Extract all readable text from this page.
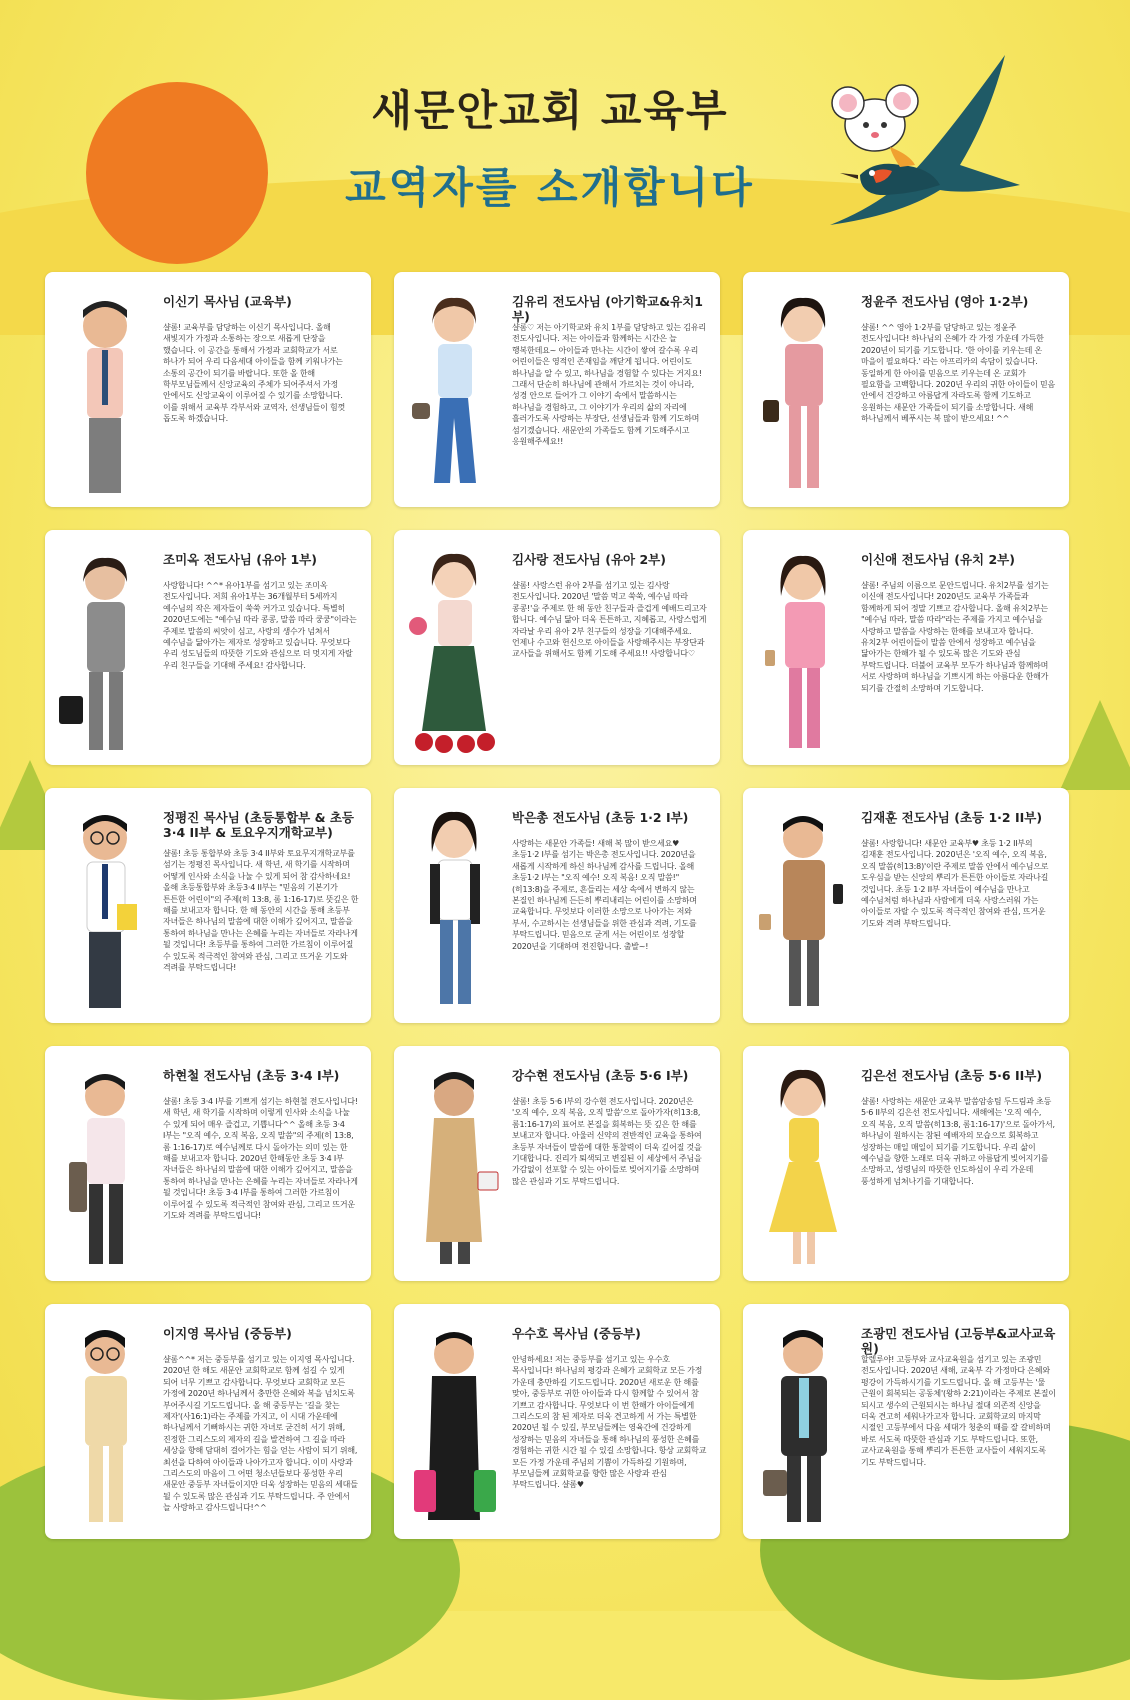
새문안교회 교육부
교역자를 소개합니다
이신기 목사님 (교육부)
샬롬! 교육부를 담당하는 이신기 목사입니다. 올해 새빛지가 가정과 소통하는 장으로 새롭게 단장을 했습니다. 이 공간을 통해서 가정과 교회학교가 서로 하나가 되어 우리 다음세대 아이들을 함께 키워나가는 소통의 공간이 되기를 바랍니다. 또한 올 한해 학부모님들께서 신앙교육의 주체가 되어주셔서 가정 안에서도 신앙교육이 이루어질 수 있기를 소망합니다. 이를 위해서 교육부 각부서와 교역자, 선생님들이 힘껏 돕도록 하겠습니다.
김유리 전도사님 (아기학교&유치1부)
샬롬♡ 저는 아기학교와 유치 1부를 담당하고 있는 김유리 전도사입니다. 저는 아이들과 함께하는 시간은 늘 행복한데요~ 아이들과 만나는 시간이 쌓여 갈수록 우리 어린이들은 영적인 존재임을 깨닫게 됩니다. 어린이도 하나님을 알 수 있고, 하나님을 경험할 수 있다는 거지요! 그래서 단순히 하나님에 관해서 가르치는 것이 아니라, 성경 안으로 들어가 그 이야기 속에서 말씀하시는 하나님을 경험하고, 그 이야기가 우리의 삶의 자리에 흘러가도록 사랑하는 부장단, 선생님들과 함께 기도하며 섬기겠습니다. 새문안의 가족들도 함께 기도해주시고 응원해주세요!!
정윤주 전도사님 (영아 1·2부)
샬롬! ^^ 영아 1·2부를 담당하고 있는 정윤주 전도사입니다! 하나님의 은혜가 각 가정 가운데 가득한 2020년이 되기를 기도합니다. '한 아이를 키우는데 온 마을이 필요하다.' 라는 아프리카의 속담이 있습니다. 동일하게 한 아이를 믿음으로 키우는데 온 교회가 필요함을 고백합니다. 2020년 우리의 귀한 아이들이 믿음 안에서 건강하고 아름답게 자라도록 함께 기도하고 응원하는 새문안 가족들이 되기를 소망합니다. 새해 하나님께서 베푸시는 복 많이 받으세요! ^^
조미옥 전도사님 (유아 1부)
사랑합니다! ^^* 유아1부를 섬기고 있는 조미옥 전도사입니다. 저희 유아1부는 36개월부터 5세까지 예수님의 작은 제자들이 쑥쑥 커가고 있습니다. 특별히 2020년도에는 "예수님 따라 콩콩, 말씀 따라 쿵쿵"이라는 주제로 말씀의 씨앗이 심고, 사랑의 생수가 넘쳐서 예수님을 닮아가는 제자로 성장하고 있습니다. 무엇보다 우리 성도님들의 따뜻한 기도와 관심으로 더 멋지게 자랄 우리 친구들을 기대해 주세요! 감사합니다.
김사랑 전도사님 (유아 2부)
샬롬! 사랑스런 유아 2부를 섬기고 있는 김사랑 전도사입니다. 2020년 '말씀 먹고 쑥쑥, 예수님 따라 콩콩!'을 주제로 한 해 동안 친구들과 즐겁게 예배드리고자 합니다. 예수님 닮아 더욱 튼튼하고, 지혜롭고, 사랑스럽게 자라날 우리 유아 2부 친구들의 성장을 기대해주세요. 언제나 수고와 헌신으로 아이들을 사랑해주시는 부장단과 교사들을 위해서도 함께 기도해 주세요!! 사랑합니다♡
이신애 전도사님 (유치 2부)
샬롬! 주님의 이름으로 문안드립니다. 유치2부를 섬기는 이신애 전도사입니다! 2020년도 교육부 가족들과 함께하게 되어 정말 기쁘고 감사합니다. 올해 유치2부는 "예수님 따라, 말씀 따라"라는 주제를 가지고 예수님을 사랑하고 말씀을 사랑하는 한해를 보내고자 합니다. 유치2부 어린이들이 말씀 안에서 성장하고 예수님을 닮아가는 한해가 될 수 있도록 많은 기도와 관심 부탁드립니다. 더불어 교육부 모두가 하나님과 함께하며 서로 사랑하며 하나님을 기쁘시게 하는 아름다운 한해가 되기를 간절히 소망하며 기도합니다.
정평진 목사님 (초등통합부 & 초등 3·4 II부 & 토요우지개학교부)
샬롬! 초등 통합부와 초등 3·4 II부와 토요무지개학교부를 섬기는 정평진 목사입니다. 새 학년, 새 학기를 시작하며 어떻게 인사와 소식을 나눌 수 있게 되어 참 감사하네요! 올해 초등통합부와 초등3·4 II부는 "믿음의 기본기가 튼튼한 어린이"의 주제(히 13:8, 롬 1:16-17)로 뜻깊은 한 해를 보내고자 합니다. 한 해 동안의 시간을 통해 초등부 자녀들은 하나님의 말씀에 대한 이해가 깊어지고, 말씀을 통하여 하나님을 만나는 은혜를 누리는 자녀들로 자라나게 될 것입니다! 초등부를 통하여 그러한 가르침이 이루어질 수 있도록 적극적인 참여와 관심, 그리고 뜨거운 기도와 격려를 부탁드립니다!
박은총 전도사님 (초등 1·2 I부)
사랑하는 새문안 가족들! 새해 복 많이 받으세요♥ 초등1·2 I부를 섬기는 박은총 전도사입니다. 2020년을 새롭게 시작하게 하신 하나님께 감사를 드립니다. 올해 초등1·2 I부는 "오직 예수! 오직 복음! 오직 말씀!"(히13:8)을 주제로, 흔들리는 세상 속에서 변하지 않는 본질인 하나님께 든든히 뿌리내리는 어린이를 소망하며 교육합니다. 무엇보다 이러한 소망으로 나아가는 저와 부서, 수고하시는 선생님들을 위한 관심과 격려, 기도를 부탁드립니다. 믿음으로 굳게 서는 어린이로 성장할 2020년을 기대하며 전진합니다. 출발~!
김재훈 전도사님 (초등 1·2 II부)
샬롬! 사랑합니다! 새문안 교육부♥ 초등 1·2 II부의 김재훈 전도사입니다. 2020년은 '오직 예수, 오직 복음, 오직 말씀(히13:8)'이란 주제로 말씀 안에서 예수님으로 도우심을 받는 신앙의 뿌리가 튼튼한 아이들로 자라나길 것입니다. 초등 1·2 II부 자녀들이 예수님을 만나고 예수님처럼 하나님과 사람에게 더욱 사랑스러워 가는 아이들로 자랄 수 있도록 적극적인 참여와 관심, 뜨거운 기도와 격려 부탁드립니다.
하현철 전도사님 (초등 3·4 I부)
샬롬! 초등 3·4 I부를 기쁘게 섬기는 하현철 전도사입니다! 새 학년, 새 학기를 시작하며 이렇게 인사와 소식을 나눌 수 있게 되어 매우 즐겁고, 기쁩니다^^ 올해 초등 3·4 I부는 "오직 예수, 오직 복음, 오직 말씀"의 주제(히 13:8, 롬 1:16-17)로 예수님께로 다시 돌아가는 의미 있는 한 해를 보내고자 합니다. 2020년 한해동안 초등 3·4 I부 자녀들은 하나님의 말씀에 대한 이해가 깊어지고, 말씀을 통하여 하나님을 만나는 은혜를 누리는 자녀들로 자라나게 될 것입니다! 초등 3·4 I부를 통하여 그러한 가르침이 이루어질 수 있도록 적극적인 참여와 관심, 그리고 뜨거운 기도와 격려를 부탁드립니다!
강수현 전도사님 (초등 5·6 I부)
샬롬! 초등 5·6 I부의 강수현 전도사입니다. 2020년은 '오직 예수, 오직 복음, 오직 말씀'으로 돌아가자(히13:8, 롬1:16-17)의 표어로 본질을 회복하는 뜻 깊은 한 해를 보내고자 합니다. 아울러 신약의 전반적인 교육을 통하여 초등부 자녀들이 말씀에 대한 통찰력이 더욱 깊어질 것을 기대합니다. 진리가 퇴색되고 변질된 이 세상에서 주님을 가감없이 선포할 수 있는 아이들로 빚어지기를 소망하며 많은 관심과 기도 부탁드립니다.
김은선 전도사님 (초등 5·6 II부)
샬롬! 사랑하는 새문안 교육부 말씀암송팀 두드림과 초등 5·6 II부의 김은선 전도사입니다. 새해에는 '오직 예수, 오직 복음, 오직 말씀(히13:8, 롬1:16-17)'으로 돌아가서, 하나님이 원하시는 참된 예배자의 모습으로 회복하고 성장하는 매일 매일이 되기를 기도합니다. 우리 삶이 예수님을 향한 노래로 더욱 귀하고 아름답게 빚어지기를 소망하고, 성령님의 따뜻한 인도하심이 우리 가운데 풍성하게 넘쳐나기를 기대합니다.
이지영 목사님 (중등부)
샬롬^^* 저는 중등부를 섬기고 있는 이지영 목사입니다. 2020년 한 해도 새문안 교회학교로 함께 섬길 수 있게 되어 너무 기쁘고 감사합니다. 무엇보다 교회학교 모든 가정에 2020년 하나님께서 충만한 은혜와 복을 넘치도록 부어주시길 기도드립니다. 올 해 중등부는 '길을 찾는 제자'(사16:1)라는 주제를 가지고, 이 시대 가운데에 하나님께서 기뻐하시는 귀한 자녀로 굳건히 서기 위해, 진정한 그리스도의 제자의 길을 발견하여 그 길을 따라 세상을 향해 담대히 걸어가는 힘을 얻는 사람이 되기 위해, 최선을 다하여 아이들과 나아가고자 합니다. 이미 사랑과 그리스도의 마음이 그 어떤 청소년들보다 풍성한 우리 새문안 중등부 자녀들이지만 더욱 성장하는 믿음의 세대들 될 수 있도록 많은 관심과 기도 부탁드립니다. 주 안에서 늘 사랑하고 감사드립니다!^^
우수호 목사님 (중등부)
안녕하세요! 저는 중등부를 섬기고 있는 우수호 목사입니다! 하나님의 평강과 은혜가 교회학교 모든 가정 가운데 충만하길 기도드립니다. 2020년 새로운 한 해를 맞아, 중등부로 귀한 아이들과 다시 함께할 수 있어서 참 기쁘고 감사합니다. 무엇보다 이 번 한해가 아이들에게 그리스도의 참 된 제자로 더욱 견고하게 서 가는 특별한 2020년 될 수 있길, 부모님들께는 영육간에 건강하게 성장하는 믿음의 자녀들을 통해 하나님의 풍성한 은혜를 경험하는 귀한 시간 될 수 있길 소망합니다. 항상 교회학교 모든 가정 가운데 주님의 기쁨이 가득하길 기원하며, 부모님들께 교회학교를 향한 많은 사랑과 관심 부탁드립니다. 샬롬♥
조광민 전도사님 (고등부&교사교육원)
할렐루야! 고등부와 교사교육원을 섬기고 있는 조광민 전도사입니다. 2020년 새해, 교육부 각 가정마다 은혜와 평강이 가득하시기를 기도드립니다. 올 해 고등부는 '물 근원이 회복되는 공동체'(왕하 2:21)이라는 주제로 본질이 되시고 생수의 근원되시는 하나님 절대 의존적 신앙을 더욱 견고히 세워나가고자 합니다. 교회학교의 마지막 시절인 고등부에서 다음 세대가 청춘의 때를 잘 갈비하며 바로 서도록 따뜻한 관심과 기도 부탁드립니다. 또한, 교사교육원을 통해 뿌리가 튼튼한 교사들이 세워지도록 기도 부탁드립니다.
